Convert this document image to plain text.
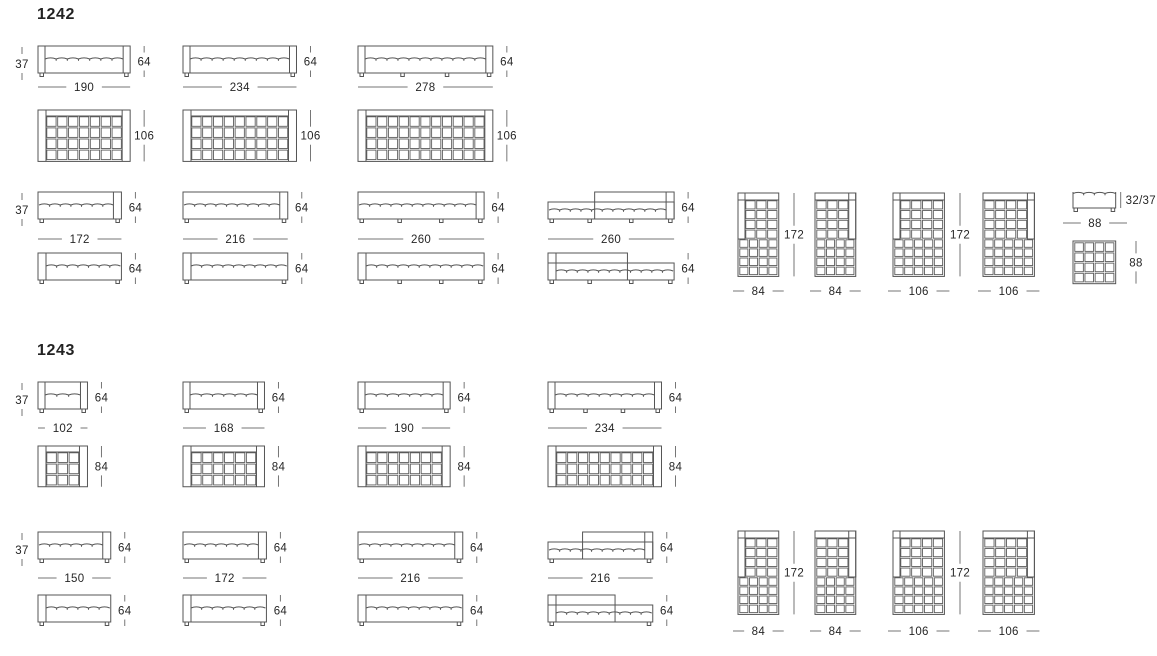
1242
1243
64
37
190
64
234
64
278
64
37
172
64
216
64
260
64
260
64	64	64	64
106	106	106
84
172
84	106
172
106
32/37
88
88
64
37
102
64
168
64
190
64
234
64
37
150
64
172
64
216
64
216
64	64	64	64
84	84	84	84
84
172
84	106
172
106
